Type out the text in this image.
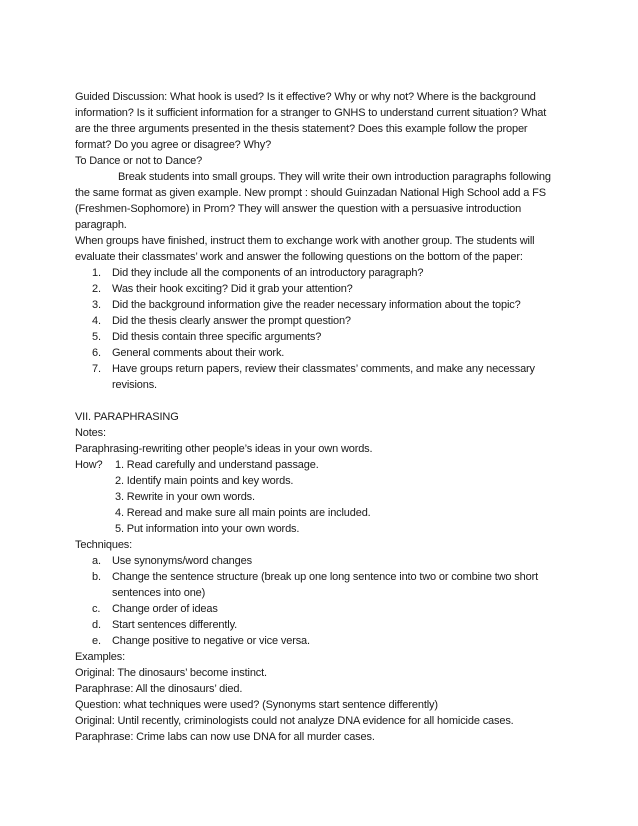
Guided Discussion: What hook is used? Is it effective? Why or why not? Where is the background
information? Is it sufficient information for a stranger to GNHS to understand current situation? What
are the three arguments presented in the thesis statement? Does this example follow the proper
format? Do you agree or disagree? Why?
To Dance or not to Dance?
Break students into small groups. They will write their own introduction paragraphs following
the same format as given example. New prompt : should Guinzadan National High School add a FS
(Freshmen-Sophomore) in Prom? They will answer the question with a persuasive introduction
paragraph.
When groups have finished, instruct them to exchange work with another group. The students will
evaluate their classmates’ work and answer the following questions on the bottom of the paper:
1.	Did they include all the components of an introductory paragraph?
2.	Was their hook exciting? Did it grab your attention?
3.	Did the background information give the reader necessary information about the topic?
4.	Did the thesis clearly answer the prompt question?
5.	Did thesis contain three specific arguments?
6.	General comments about their work.
7.	Have groups return papers, review their classmates’ comments, and make any necessary
revisions.
VII. PARAPHRASING
Notes:
Paraphrasing-rewriting other people’s ideas in your own words.
How?	1. Read carefully and understand passage.
2. Identify main points and key words.
3. Rewrite in your own words.
4. Reread and make sure all main points are included.
5. Put information into your own words.
Techniques:
a.	Use synonyms/word changes
b.	Change the sentence structure (break up one long sentence into two or combine two short
sentences into one)
c.	Change order of ideas
d.	Start sentences differently.
e.	Change positive to negative or vice versa.
Examples:
Original: The dinosaurs’ become instinct.
Paraphrase: All the dinosaurs’ died.
Question: what techniques were used? (Synonyms start sentence differently)
Original: Until recently, criminologists could not analyze DNA evidence for all homicide cases.
Paraphrase: Crime labs can now use DNA for all murder cases.
